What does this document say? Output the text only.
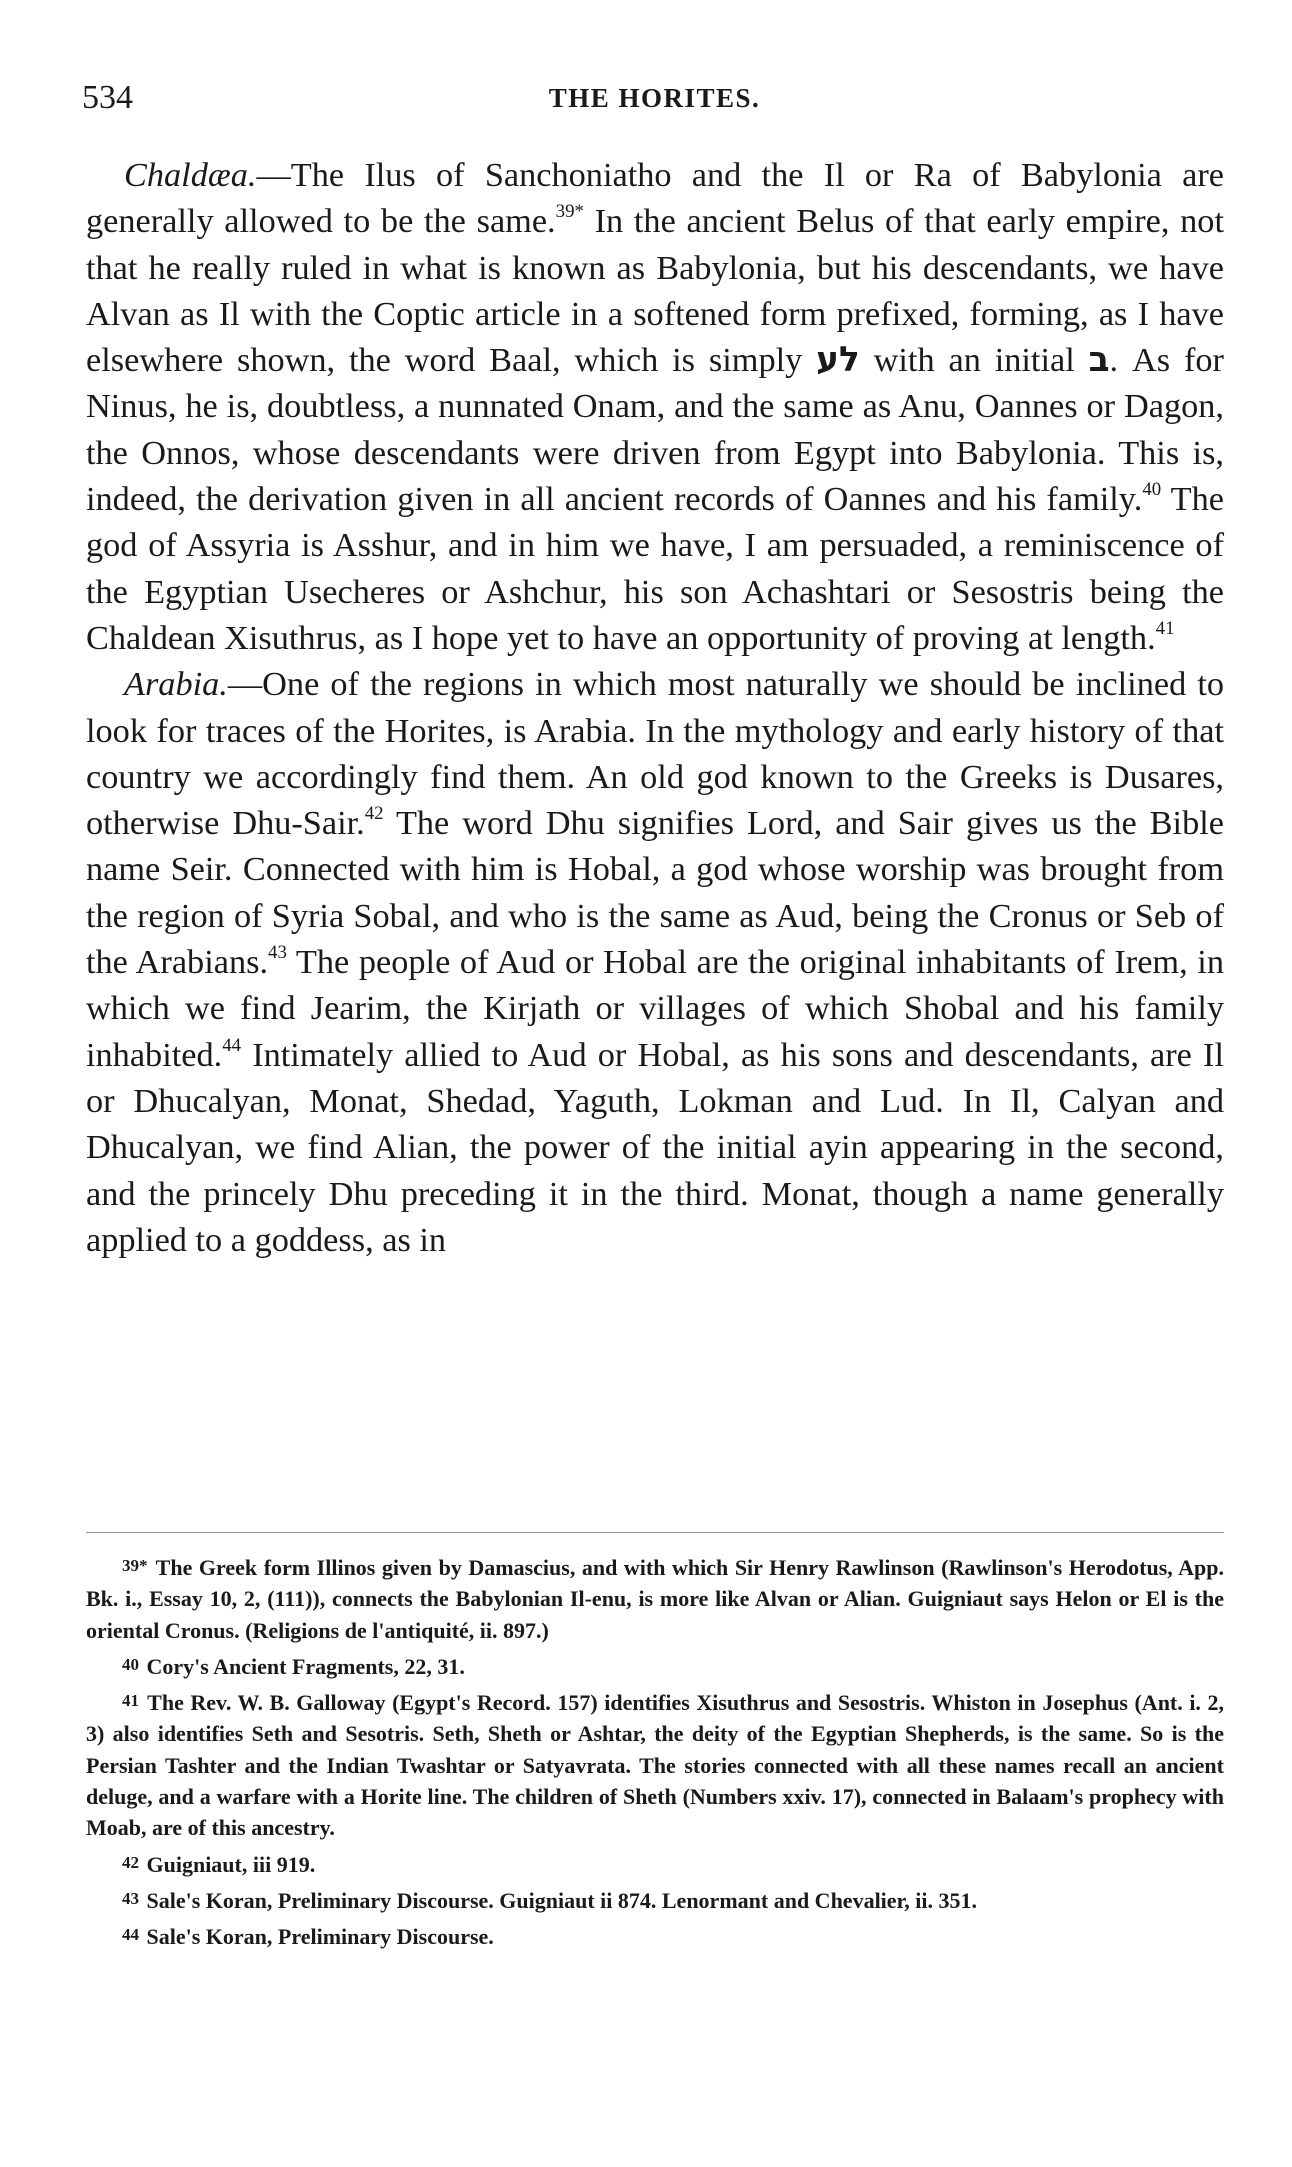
534	THE HORITES.

Chaldæa.—The Ilus of Sanchoniatho and the Il or Ra of Babylonia are generally allowed to be the same.$^{39*}$ In the ancient Belus of that early empire, not that he really ruled in what is known as Babylonia, but his descendants, we have Alvan as Il with the Coptic article in a softened form prefixed, forming, as I have elsewhere shown, the word Baal, which is simply לע with an initial ב. As for Ninus, he is, doubtless, a nunnated Onam, and the same as Anu, Oannes or Dagon, the Onnos, whose descendants were driven from Egypt into Babylonia. This is, indeed, the derivation given in all ancient records of Oannes and his family.$^{40}$ The god of Assyria is Asshur, and in him we have, I am persuaded, a reminiscence of the Egyptian Usecheres or Ashchur, his son Achashtari or Sesostris being the Chaldean Xisuthrus, as I hope yet to have an opportunity of proving at length.$^{41}$

Arabia.—One of the regions in which most naturally we should be inclined to look for traces of the Horites, is Arabia. In the mythology and early history of that country we accordingly find them. An old god known to the Greeks is Dusares, otherwise Dhu-Sair.$^{42}$ The word Dhu signifies Lord, and Sair gives us the Bible name Seir. Connected with him is Hobal, a god whose worship was brought from the region of Syria Sobal, and who is the same as Aud, being the Cronus or Seb of the Arabians.$^{43}$ The people of Aud or Hobal are the original inhabitants of Irem, in which we find Jearim, the Kirjath or villages of which Shobal and his family inhabited.$^{44}$ Intimately allied to Aud or Hobal, as his sons and descendants, are Il or Dhucalyan, Monat, Shedad, Yaguth, Lokman and Lud. In Il, Calyan and Dhucalyan, we find Alian, the power of the initial ayin appearing in the second, and the princely Dhu preceding it in the third. Monat, though a name generally applied to a goddess, as in

39* The Greek form Illinos given by Damascius, and with which Sir Henry Rawlinson (Rawlinson's Herodotus, App. Bk. i., Essay 10, 2, (111)), connects the Babylonian Il-enu, is more like Alvan or Alian. Guigniaut says Helon or El is the oriental Cronus. (Religions de l'antiquité, ii. 897.)
40 Cory's Ancient Fragments, 22, 31.
41 The Rev. W. B. Galloway (Egypt's Record. 157) identifies Xisuthrus and Sesostris. Whiston in Josephus (Ant. i. 2, 3) also identifies Seth and Sesotris. Seth, Sheth or Ashtar, the deity of the Egyptian Shepherds, is the same. So is the Persian Tashter and the Indian Twashtar or Satyavrata. The stories connected with all these names recall an ancient deluge, and a warfare with a Horite line. The children of Sheth (Numbers xxiv. 17), connected in Balaam's prophecy with Moab, are of this ancestry.
42 Guigniaut, iii 919.
43 Sale's Koran, Preliminary Discourse. Guigniaut ii 874. Lenormant and Chevalier, ii. 351.
44 Sale's Koran, Preliminary Discourse.
